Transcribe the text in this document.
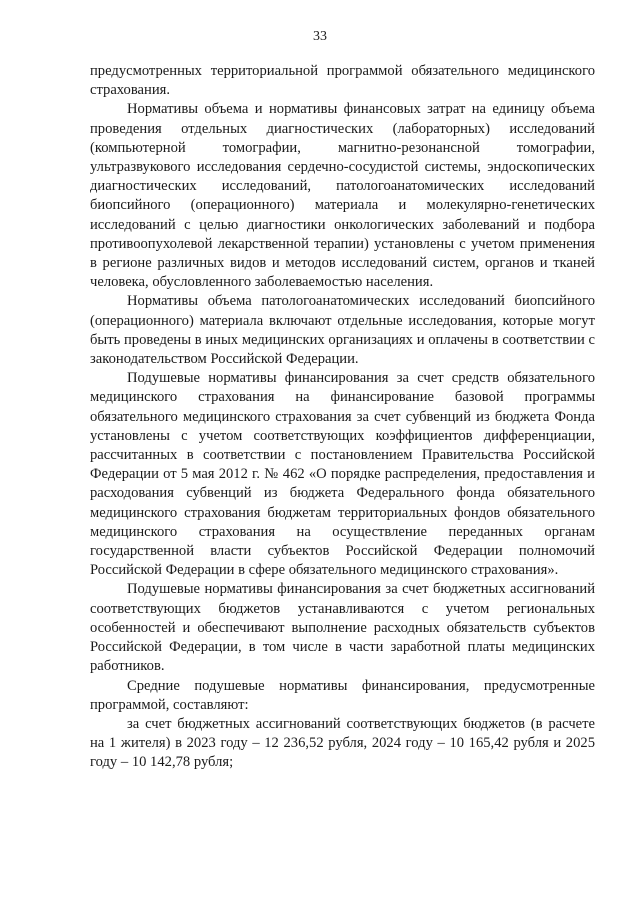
33

предусмотренных территориальной программой обязательного медицинского страхования.

Нормативы объема и нормативы финансовых затрат на единицу объема проведения отдельных диагностических (лабораторных) исследований (компьютерной томографии, магнитно-резонансной томографии, ультразвукового исследования сердечно-сосудистой системы, эндоскопических диагностических исследований, патологоанатомических исследований биопсийного (операционного) материала и молекулярно-генетических исследований с целью диагностики онкологических заболеваний и подбора противоопухолевой лекарственной терапии) установлены с учетом применения в регионе различных видов и методов исследований систем, органов и тканей человека, обусловленного заболеваемостью населения.

Нормативы объема патологоанатомических исследований биопсийного (операционного) материала включают отдельные исследования, которые могут быть проведены в иных медицинских организациях и оплачены в соответствии с законодательством Российской Федерации.

Подушевые нормативы финансирования за счет средств обязательного медицинского страхования на финансирование базовой программы обязательного медицинского страхования за счет субвенций из бюджета Фонда установлены с учетом соответствующих коэффициентов дифференциации, рассчитанных в соответствии с постановлением Правительства Российской Федерации от 5 мая 2012 г. № 462 «О порядке распределения, предоставления и расходования субвенций из бюджета Федерального фонда обязательного медицинского страхования бюджетам территориальных фондов обязательного медицинского страхования на осуществление переданных органам государственной власти субъектов Российской Федерации полномочий Российской Федерации в сфере обязательного медицинского страхования».

Подушевые нормативы финансирования за счет бюджетных ассигнований соответствующих бюджетов устанавливаются с учетом региональных особенностей и обеспечивают выполнение расходных обязательств субъектов Российской Федерации, в том числе в части заработной платы медицинских работников.

Средние подушевые нормативы финансирования, предусмотренные программой, составляют:

за счет бюджетных ассигнований соответствующих бюджетов (в расчете на 1 жителя) в 2023 году – 12 236,52 рубля, 2024 году – 10 165,42 рубля и 2025 году – 10 142,78 рубля;
